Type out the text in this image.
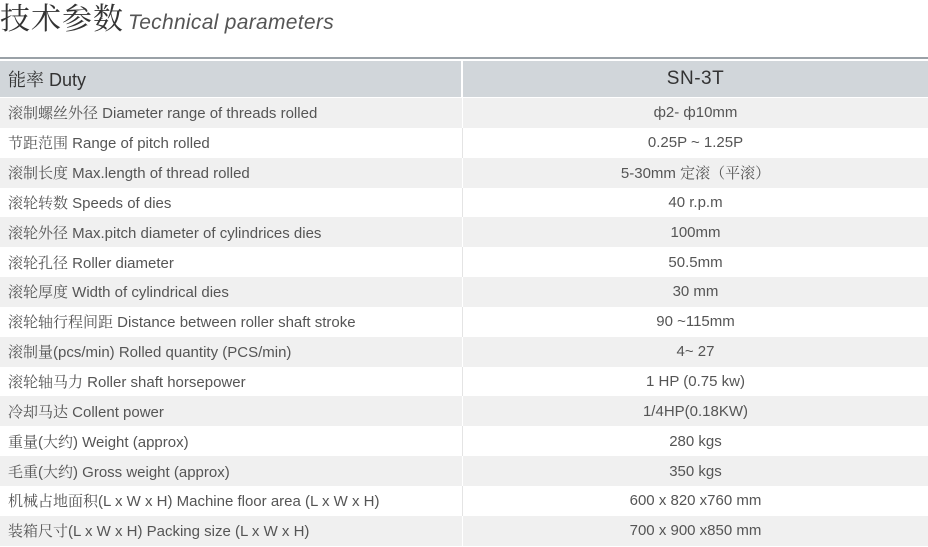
技术参数 Technical parameters
能率 Duty	SN-3T
滚制螺丝外径 Diameter range of threads rolled	ф2- ф10mm
节距范围 Range of pitch rolled	0.25P ~ 1.25P
滚制长度 Max.length of thread rolled	5-30mm 定滚（平滚）
滚轮转数 Speeds of dies	40 r.p.m
滚轮外径 Max.pitch diameter of cylindrices dies	100mm
滚轮孔径 Roller diameter	50.5mm
滚轮厚度 Width of cylindrical dies	30 mm
滚轮轴行程间距 Distance between roller shaft stroke	90 ~115mm
滚制量(pcs/min) Rolled quantity (PCS/min)	4~ 27
滚轮轴马力 Roller shaft horsepower	1 HP (0.75 kw)
冷却马达 Collent power	1/4HP(0.18KW)
重量(大约) Weight (approx)	280 kgs
毛重(大约) Gross weight (approx)	350 kgs
机械占地面积(L x W x H) Machine floor area (L x W x H)	600 x 820 x760 mm
装箱尺寸(L x W x H) Packing size (L x W x H)	700 x 900 x850 mm
